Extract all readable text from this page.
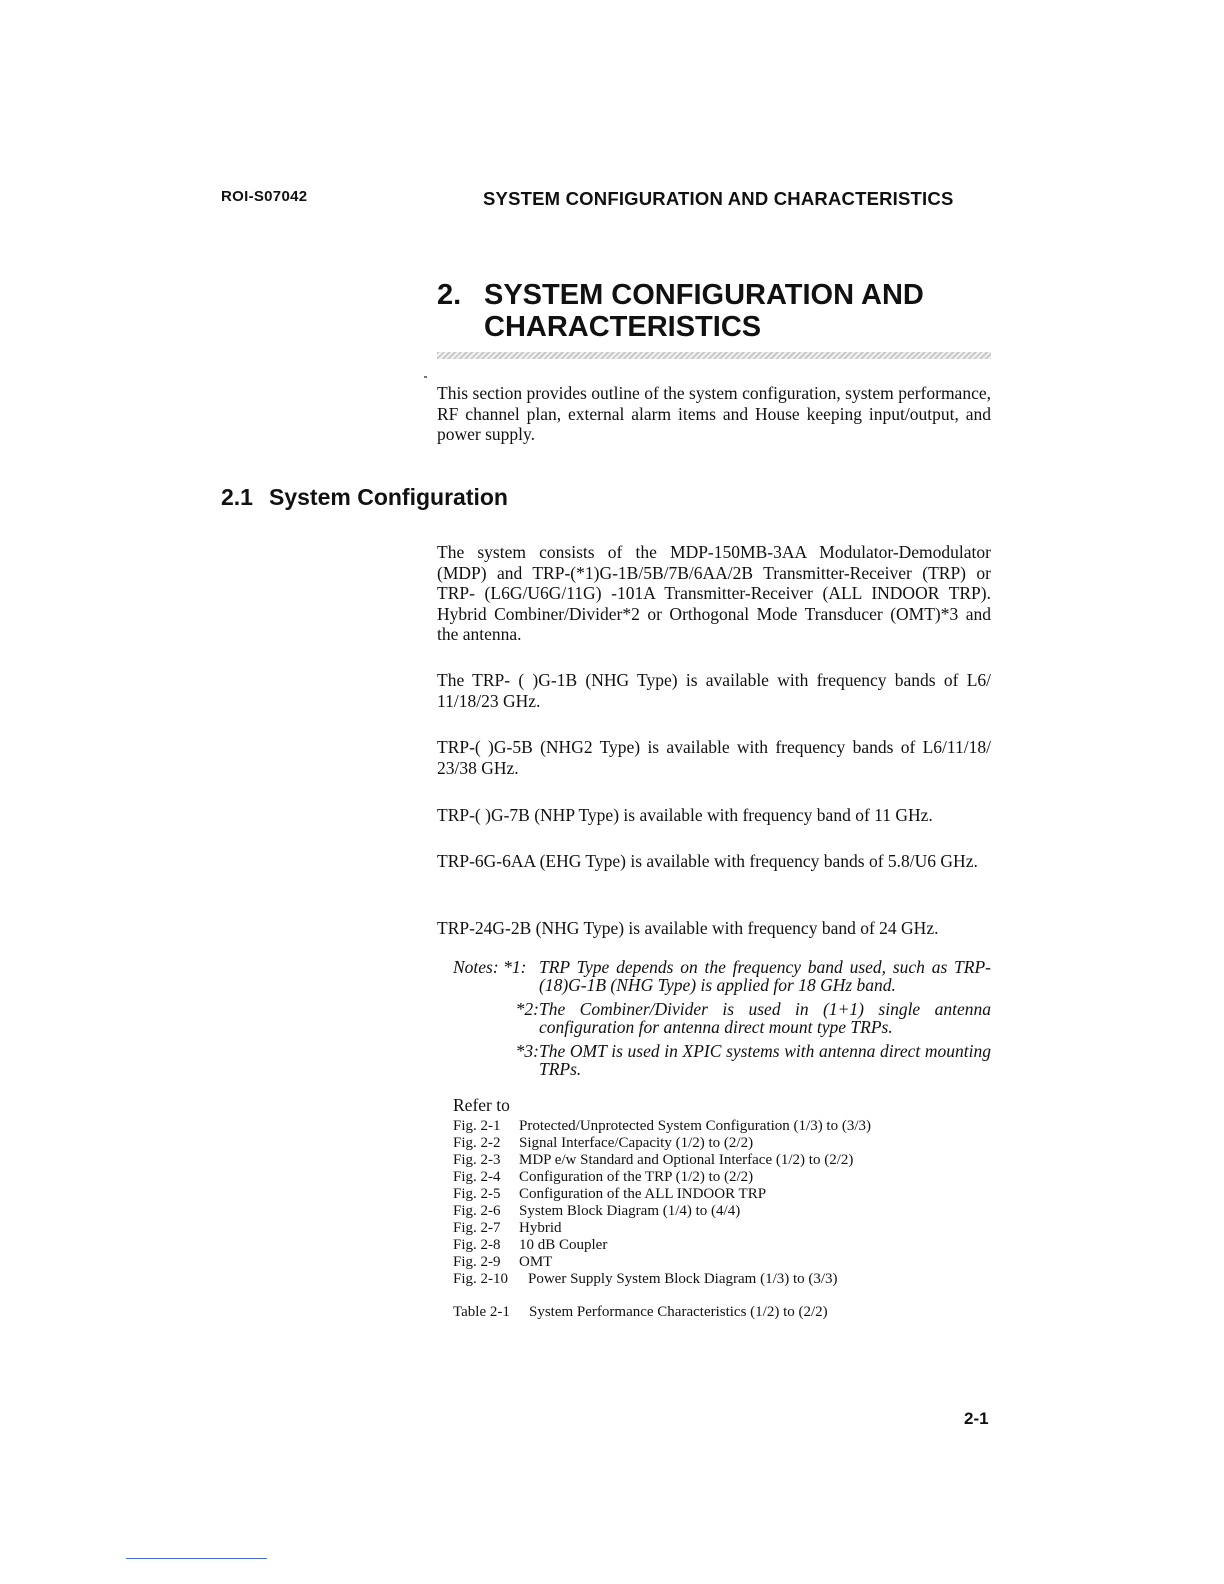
ROI-S07042	SYSTEM CONFIGURATION AND CHARACTERISTICS
2. SYSTEM CONFIGURATION AND CHARACTERISTICS
This section provides outline of the system configuration, system performance, RF channel plan, external alarm items and House keeping input/output, and power supply.
2.1 System Configuration
The system consists of the MDP-150MB-3AA Modulator-Demodulator (MDP) and TRP-(*1)G-1B/5B/7B/6AA/2B Transmitter-Receiver (TRP) or TRP- (L6G/U6G/11G) -101A Transmitter-Receiver (ALL INDOOR TRP). Hybrid Combiner/Divider*2 or Orthogonal Mode Transducer (OMT)*3 and the antenna.
The TRP- ( )G-1B (NHG Type) is available with frequency bands of L6/ 11/18/23 GHz.
TRP-( )G-5B (NHG2 Type) is available with frequency bands of L6/11/18/ 23/38 GHz.
TRP-( )G-7B (NHP Type) is available with frequency band of 11 GHz.
TRP-6G-6AA (EHG Type) is available with frequency bands of 5.8/U6 GHz.
TRP-24G-2B (NHG Type) is available with frequency band of 24 GHz.
Notes: *1: TRP Type depends on the frequency band used, such as TRP-(18)G-1B (NHG Type) is applied for 18 GHz band.
*2: The Combiner/Divider is used in (1+1) single antenna configuration for antenna direct mount type TRPs.
*3: The OMT is used in XPIC systems with antenna direct mounting TRPs.
Refer to
Fig. 2-1	Protected/Unprotected System Configuration (1/3) to (3/3)
Fig. 2-2	Signal Interface/Capacity (1/2) to (2/2)
Fig. 2-3	MDP e/w Standard and Optional Interface (1/2) to (2/2)
Fig. 2-4	Configuration of the TRP (1/2) to (2/2)
Fig. 2-5	Configuration of the ALL INDOOR TRP
Fig. 2-6	System Block Diagram (1/4) to (4/4)
Fig. 2-7	Hybrid
Fig. 2-8	10 dB Coupler
Fig. 2-9	OMT
Fig. 2-10	Power Supply System Block Diagram (1/3) to (3/3)
Table 2-1 System Performance Characteristics (1/2) to (2/2)
2-1
